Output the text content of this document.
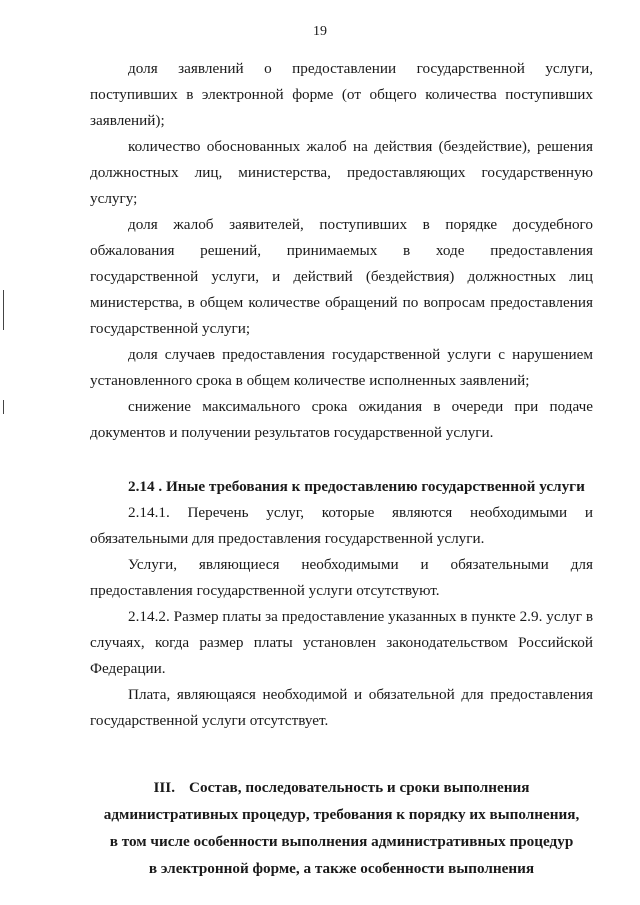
19

доля заявлений о предоставлении государственной услуги, поступивших в электронной форме (от общего количества поступивших заявлений);

количество обоснованных жалоб на действия (бездействие), решения должностных лиц, министерства, предоставляющих государственную услугу;

доля жалоб заявителей, поступивших в порядке досудебного обжалования решений, принимаемых в ходе предоставления государственной услуги, и действий (бездействия) должностных лиц министерства, в общем количестве обращений по вопросам предоставления государственной услуги;

доля случаев предоставления государственной услуги с нарушением установленного срока в общем количестве исполненных заявлений;

снижение максимального срока ожидания в очереди при подаче документов и получении результатов государственной услуги.

2.14 . Иные требования к предоставлению государственной услуги

2.14.1. Перечень услуг, которые являются необходимыми и обязательными для предоставления государственной услуги.

Услуги, являющиеся необходимыми и обязательными для предоставления государственной услуги отсутствуют.

2.14.2. Размер платы за предоставление указанных в пункте 2.9. услуг в случаях, когда размер платы установлен законодательством Российской Федерации.

Плата, являющаяся необходимой и обязательной для предоставления государственной услуги отсутствует.

III. Состав, последовательность и сроки выполнения

административных процедур, требования к порядку их выполнения,

в том числе особенности выполнения административных процедур

в электронной форме, а также особенности выполнения
